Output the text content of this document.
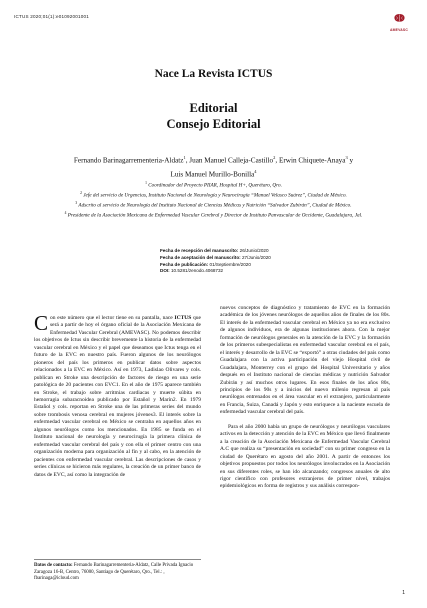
ICTUS 2020;01(1):e01092001001
AMEVASC
Nace La Revista ICTUS
Editorial
Consejo Editorial
Fernando Barinagarrementeria-Aldatz$^1$, Juan Manuel Calleja-Castillo$^2$, Erwin Chiquete-Anaya$^3$ y
Luis Manuel Murillo-Bonilla$^4$
$^1$ Coordinador del Proyecto PIIAR, Hospital H+, Querétaro, Qro.
$^2$ Jefe del servicio de Urgencias, Instituto Nacional de Neurología y Neurocirugía “Manuel Velasco Suárez”, Ciudad de México.
$^3$ Adscrito al servicio de Neurología del Instituto Nacional de Ciencias Médicas y Nutrición “Salvador Zubirán”, Ciudad de México.
$^4$ Presidente de la Asociación Mexicana de Enfermedad Vascular Cerebral y Director de Instituto Panvascular de Occidente, Guadalajara, Jal.
Fecha de recepción del manuscrito: 26/Junio/2020
Fecha de aceptación del manuscrito: 27/Junio/2020
Fecha de publicación: 01/Septiembre/2020
DOI: 10.5281/zenodo.4068732

Con este número que el lector tiene en su pantalla, nace ICTUS que será a partir de hoy el órgano oficial de la Asociación Mexicana de Enfermedad Vascular Cerebral (AMEVASC). No podemos describir los objetivos de Ictus sin describir brevemente la historia de la enfermedad vascular cerebral en México y el papel que deseamos que Ictus tenga en el futuro de la EVC en nuestro país. Fueron algunos de los neurólogos pioneros del país los primeros en publicar datos sobre aspectos relacionados a la EVC en México. Así en 1973, Ladislao Olivares y cols. publican en Stroke una descripción de factores de riesgo en una serie patológica de 20 pacientes con EVC1. En el año de 1975 aparece también en Stroke, el trabajo sobre arritmias cardiacas y muerte súbita en hemorragia subaracnoidea publicado por Estañol y Marín2. En 1979 Estañol y cols. reportan en Stroke una de las primeras series del mundo sobre trombosis venosa cerebral en mujeres jóvenes3. El interés sobre la enfermedad vascular cerebral en México se centraba en aquellos años en algunos neurólogos como los mencionados. En 1985 se funda en el Instituto nacional de neurología y neurocirugía la primera clínica de enfermedad vascular cerebral del país y con ella el primer centro con una organización moderna para organización al fin y al cabo, en la atención de pacientes con enfermedad vascular cerebral. Las descripciones de casos y series clínicas se hicieron más regulares, la creación de un primer banco de datos de EVC, así como la integración de

Datos de contacto: Fernando Barinagarrementeria-Aldatz, Calle Privada Ignacio Zaragoza 16-B, Centro, 76000, Santiago de Querétaro, Qro., Tel.: , fbarinaga@icloud.com

nuevos conceptos de diagnóstico y tratamiento de EVC en la formación académica de los jóvenes neurólogos de aquellos años de finales de los 80s. El interés de la enfermedad vascular cerebral en México ya no era exclusivo de algunos individuos, era de algunas instituciones ahora. Con la mejor formación de neurólogos generales en la atención de la EVC y la formación de los primeros subespecialistas en enfermedad vascular cerebral en el país, el interés y desarrollo de la EVC se “exportó” a otras ciudades del país como Guadalajara con la activa participación del viejo Hospital civil de Guadalajara, Monterrey con el grupo del Hospital Universitario y años después en el Instituto nacional de ciencias médicas y nutrición Salvador Zubirán y así muchos otros lugares. En esos finales de los años 80s, principios de los 90s y a inicios del nuevo milenio regresan al país neurólogos entrenados en el área vascular en el extranjero, particularmente en Francia, Suiza, Canadá y Japón y esto enriquece a la naciente escuela de enfermedad vascular cerebral del país.

Para el año 2000 había un grupo de neurólogos y neurólogos vasculares activos en la detección y atención de la EVC en México que llevó finalmente a la creación de la Asociación Mexicana de Enfermedad Vascular Cerebral A.C que realiza su “presentación en sociedad” con su primer congreso en la ciudad de Querétaro en agosto del año 2001. A partir de entonces los objetivos propuestos por todos los neurólogos involucrados en la Asociación en sus diferentes roles, se han ido alcanzando; congresos anuales de alto rigor científico con profesores extranjeros de primer nivel, trabajos epidemiológicos en forma de registros y sus análisis correspon-

1
